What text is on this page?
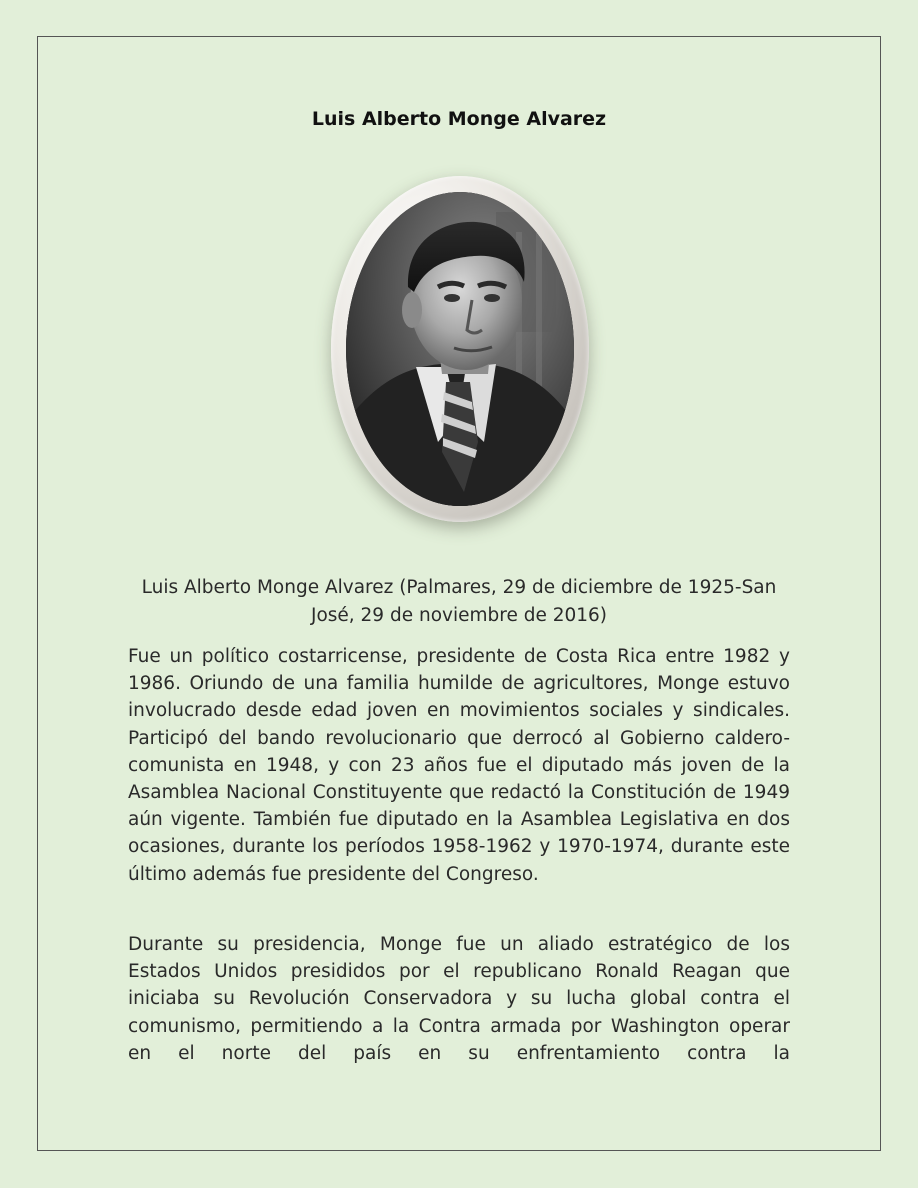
Luis Alberto Monge Alvarez

Luis Alberto Monge Alvarez (Palmares, 29 de diciembre de 1925-San José, 29 de noviembre de 2016)

Fue un político costarricense, presidente de Costa Rica entre 1982 y 1986. Oriundo de una familia humilde de agricultores, Monge estuvo involucrado desde edad joven en movimientos sociales y sindicales. Participó del bando revolucionario que derrocó al Gobierno caldero-comunista en 1948, y con 23 años fue el diputado más joven de la Asamblea Nacional Constituyente que redactó la Constitución de 1949 aún vigente. También fue diputado en la Asamblea Legislativa en dos ocasiones, durante los períodos 1958-1962 y 1970-1974, durante este último además fue presidente del Congreso.

Durante su presidencia, Monge fue un aliado estratégico de los Estados Unidos presididos por el republicano Ronald Reagan que iniciaba su Revolución Conservadora y su lucha global contra el comunismo, permitiendo a la Contra armada por Washington operar en el norte del país en su enfrentamiento contra la
